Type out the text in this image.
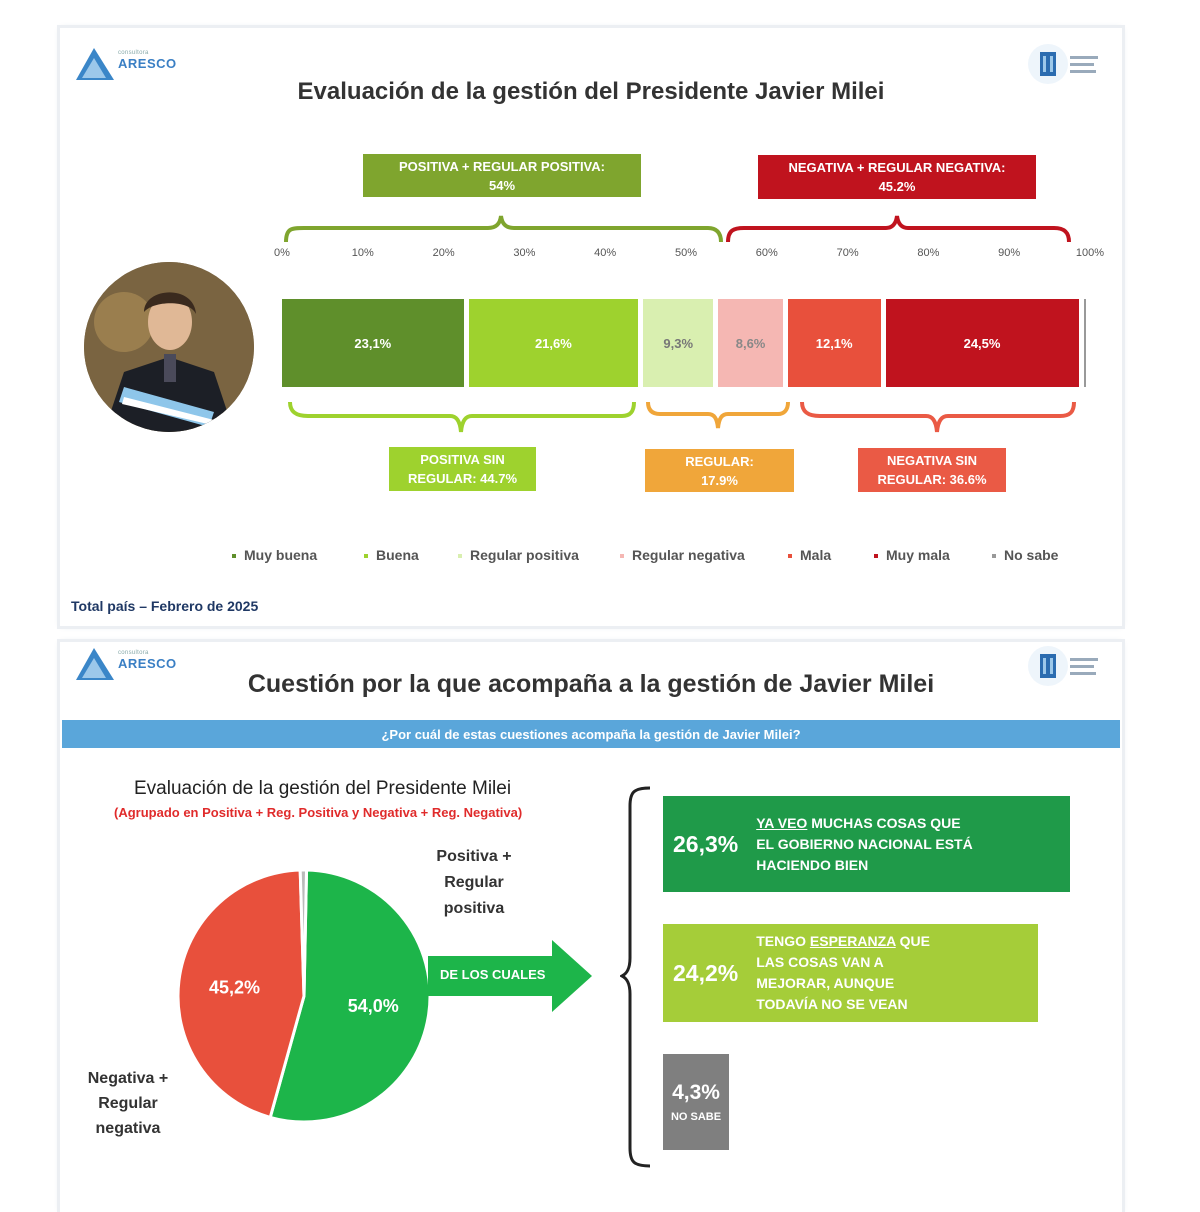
consultora
ARESCO
Evaluación de la gestión del Presidente Javier Milei
POSITIVA + REGULAR POSITIVA:
54%
NEGATIVA + REGULAR NEGATIVA:
45.2%
0%	10%	20%	30%	40%	50%	60%	70%	80%	90%	100%
23,1%	21,6%	9,3%	8,6%	12,1%	24,5%
POSITIVA SIN
REGULAR: 44.7%
REGULAR:
17.9%
NEGATIVA SIN
REGULAR: 36.6%
Muy buena	Buena	Regular positiva	Regular negativa	Mala	Muy mala	No sabe
Total país – Febrero de 2025
consultora
ARESCO
Cuestión por la que acompaña a la gestión de Javier Milei
¿Por cuál de estas cuestiones acompaña la gestión de Javier Milei?
Evaluación de la gestión del Presidente Milei
(Agrupado en Positiva + Reg. Positiva y Negativa + Reg. Negativa)
54,0%
45,2%
Positiva +
Regular
positiva
Negativa +
Regular
negativa
DE LOS CUALES
26,3%
YA VEO MUCHAS COSAS QUE
EL GOBIERNO NACIONAL ESTÁ
HACIENDO BIEN
24,2%
TENGO ESPERANZA QUE
LAS COSAS VAN A
MEJORAR, AUNQUE
TODAVÍA NO SE VEAN
4,3%
NO SABE
